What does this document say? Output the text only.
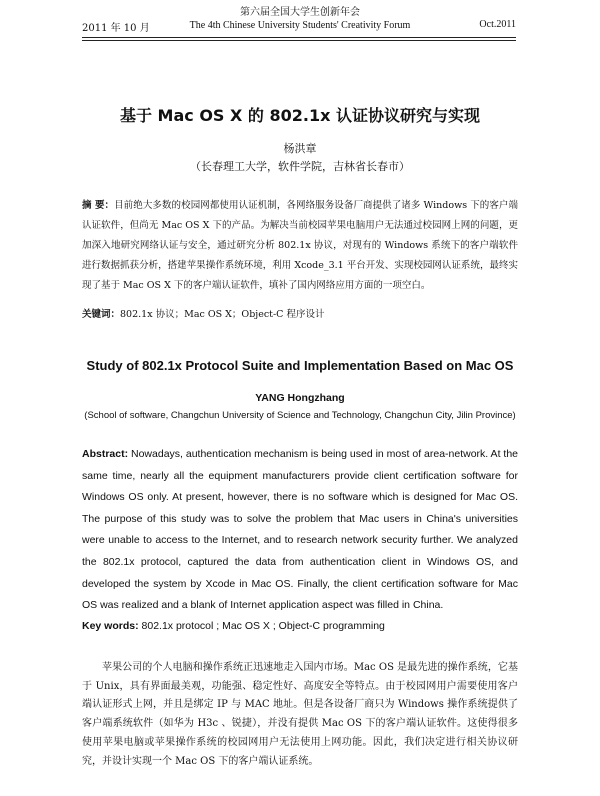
2011 年 10 月
第六届全国大学生创新年会
The 4th Chinese University Students' Creativity Forum	Oct.2011
基于 Mac OS X 的 802.1x 认证协议研究与实现
杨洪章
（长春理工大学，软件学院，吉林省长春市）
摘 要：目前绝大多数的校园网都使用认证机制，各网络服务设备厂商提供了诸多 Windows 下的客户端认证软件，但尚无 Mac OS X 下的产品。为解决当前校园苹果电脑用户无法通过校园网上网的问题，更加深入地研究网络认证与安全，通过研究分析 802.1x 协议，对现有的 Windows 系统下的客户端软件进行数据抓获分析，搭建苹果操作系统环境，利用 Xcode_3.1 平台开发、实现校园网认证系统，最终实现了基于 Mac OS X 下的客户端认证软件，填补了国内网络应用方面的一项空白。
关键词：802.1x 协议；Mac OS X；Object-C 程序设计
Study of 802.1x Protocol Suite and Implementation Based on Mac OS
YANG Hongzhang
(School of software, Changchun University of Science and Technology, Changchun City, Jilin Province)
Abstract: Nowadays, authentication mechanism is being used in most of area-network. At the same time, nearly all the equipment manufacturers provide client certification software for Windows OS only. At present, however, there is no software which is designed for Mac OS. The purpose of this study was to solve the problem that Mac users in China's universities were unable to access to the Internet, and to research network security further. We analyzed the 802.1x protocol, captured the data from authentication client in Windows OS, and developed the system by Xcode in Mac OS. Finally, the client certification software for Mac OS was realized and a blank of Internet application aspect was filled in China.
Key words: 802.1x protocol ; Mac OS X ; Object-C programming
苹果公司的个人电脑和操作系统正迅速地走入国内市场。Mac OS 是最先进的操作系统，它基于 Unix，具有界面最美观，功能强、稳定性好、高度安全等特点。由于校园网用户需要使用客户端认证形式上网，并且是绑定 IP 与 MAC 地址。但是各设备厂商只为 Windows 操作系统提供了客户端系统软件（如华为 H3c 、锐捷），并没有提供 Mac OS 下的客户端认证软件。这使得很多使用苹果电脑或苹果操作系统的校园网用户无法使用上网功能。因此，我们决定进行相关协议研究，并设计实现一个 Mac OS 下的客户端认证系统。
